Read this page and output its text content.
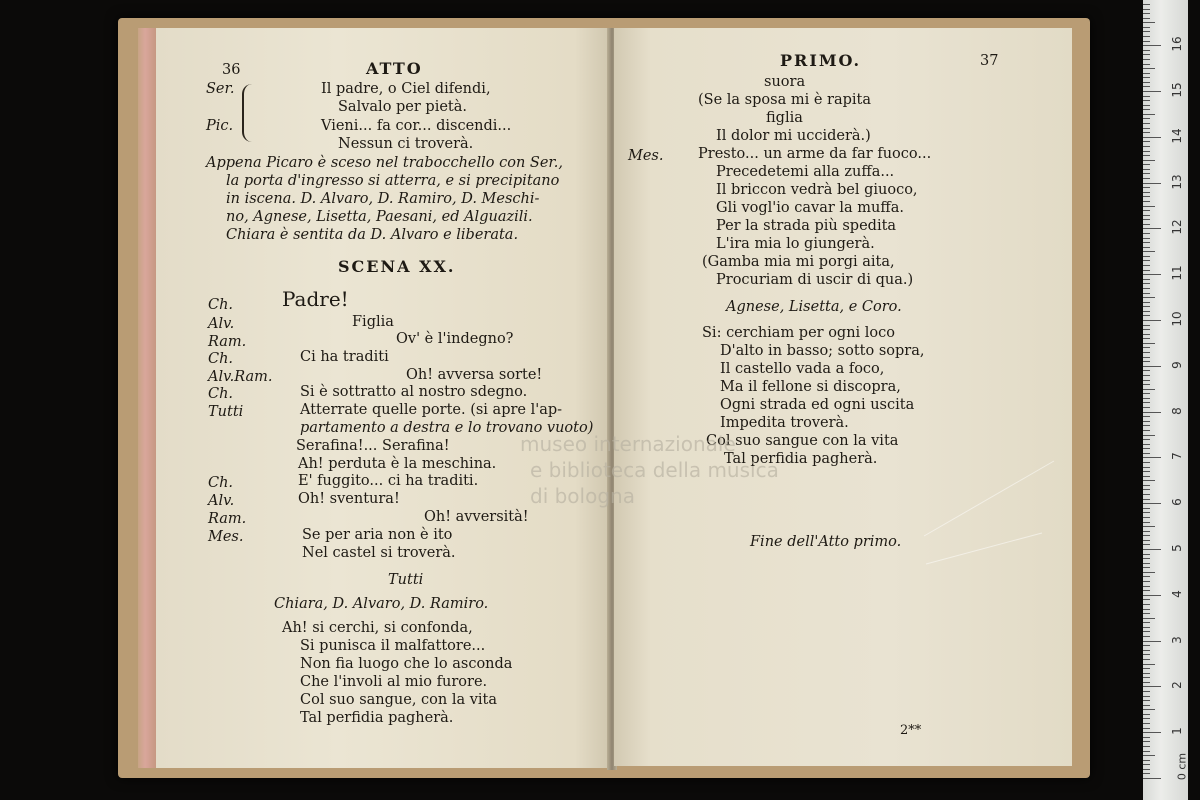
36	ATTO
Ser.	Il padre, o Ciel difendi,
Salvalo per pietà.
Pic.	Vieni... fa cor... discendi...
Nessun ci troverà.
Appena Picaro è sceso nel trabocchello con Ser.,
la porta d'ingresso si atterra, e si precipitano
in iscena. D. Alvaro, D. Ramiro, D. Meschi-
no, Agnese, Lisetta, Paesani, ed Alguazili.
Chiara è sentita da D. Alvaro e liberata.
SCENA XX.
Ch. Padre!
Alv.	Figlia
Ram.	Ov' è l'indegno?
Ch.	Ci ha traditi
Alv.Ram.	Oh! avversa sorte!
Ch.	Si è sottratto al nostro sdegno.
Tutti	Atterrate quelle porte. (si apre l'ap-
partamento a destra e lo trovano vuoto)
Serafina!... Serafina!
Ah! perduta è la meschina.
Ch.	E' fuggito... ci ha traditi.
Alv.	Oh! sventura!
Ram.	Oh! avversità!
Mes.	Se per aria non è ito
Nel castel si troverà.
Tutti
Chiara, D. Alvaro, D. Ramiro.
Ah! si cerchi, si confonda,
Si punisca il malfattore...
Non fia luogo che lo asconda
Che l'involi al mio furore.
Col suo sangue, con la vita
Tal perfidia pagherà.
PRIMO.	37
suora
(Se la sposa mi è rapita
figlia
Il dolor mi ucciderà.)
Mes. Presto... un arme da far fuoco...
Precedetemi alla zuffa...
Il briccon vedrà bel giuoco,
Gli vogl'io cavar la muffa.
Per la strada più spedita
L'ira mia lo giungerà.
(Gamba mia mi porgi aita,
Procuriam di uscir di qua.)
Agnese, Lisetta, e Coro.
Si: cerchiam per ogni loco
D'alto in basso; sotto sopra,
Il castello vada a foco,
Ma il fellone si discopra,
Ogni strada ed ogni uscita
Impedita troverà.
Col suo sangue con la vita
Tal perfidia pagherà.
Fine dell'Atto primo.
2**
museo internazionale
e biblioteca della musica
di bologna
1
2
3
4
5
6
7
8
9
10
11
12
13
14
15
16
0 cm
